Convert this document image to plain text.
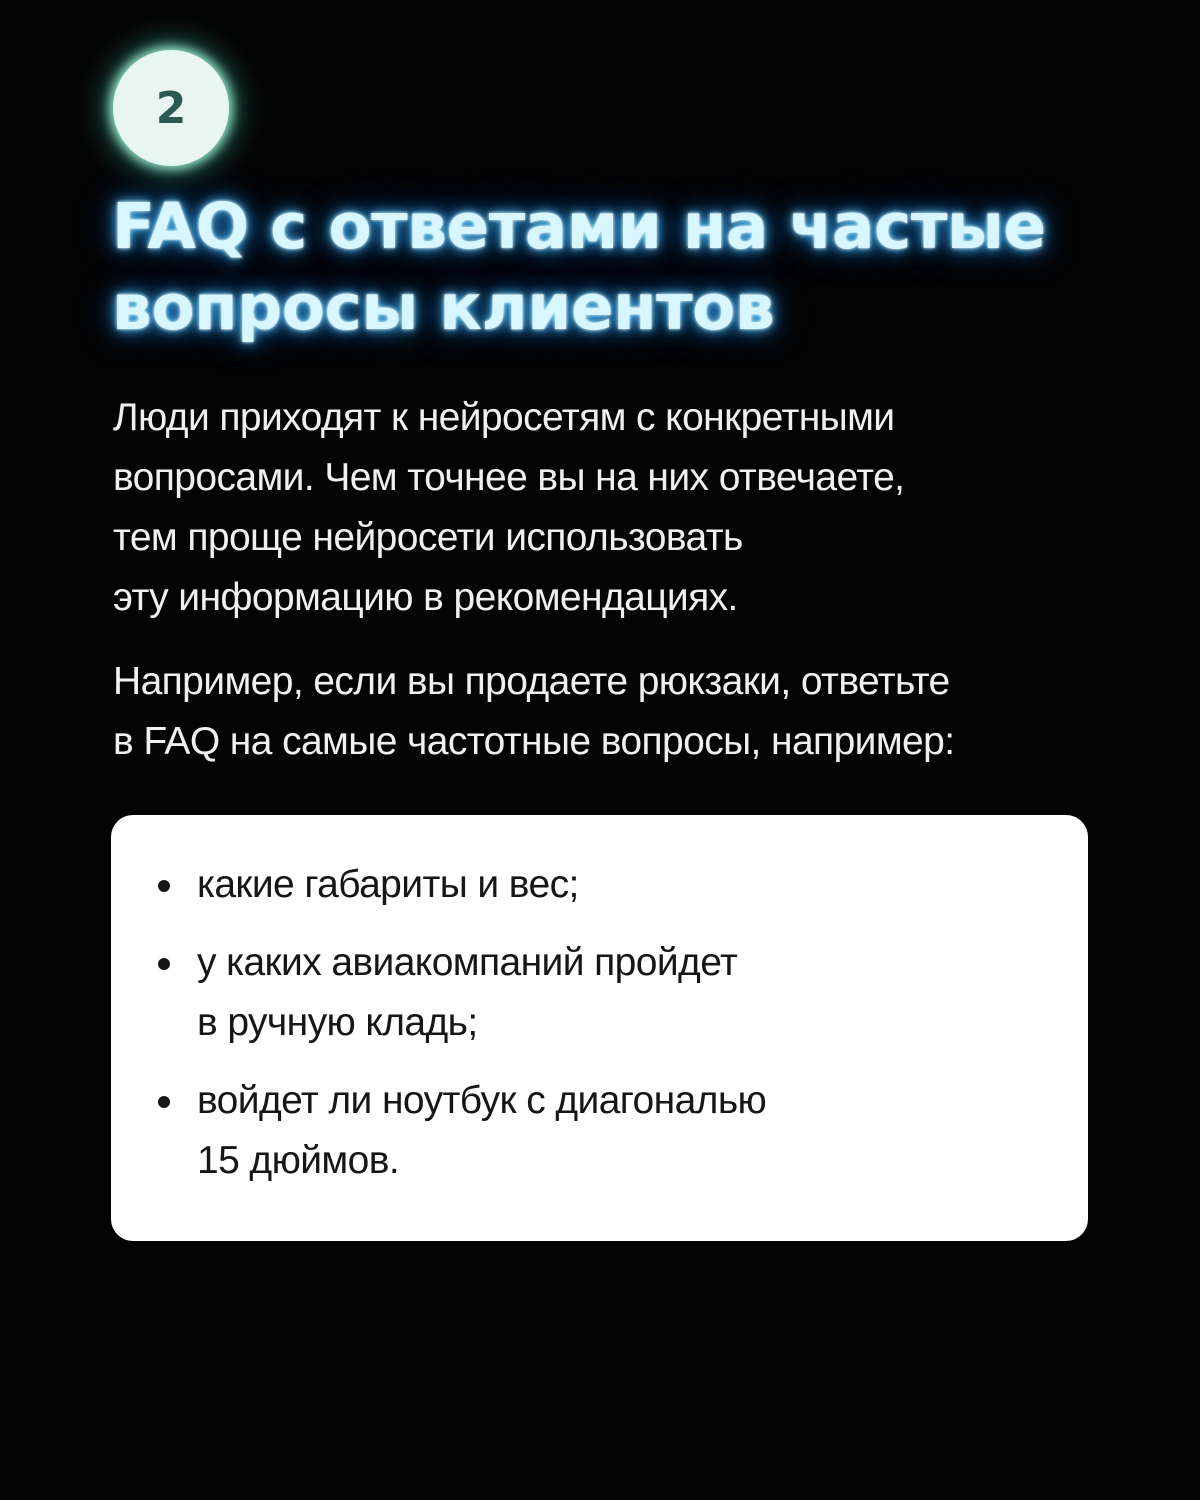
2
FAQ с ответами на частые
вопросы клиентов

Люди приходят к нейросетям с конкретными
вопросами. Чем точнее вы на них отвечаете,
тем проще нейросети использовать
эту информацию в рекомендациях.

Например, если вы продаете рюкзаки, ответьте
в FAQ на самые частотные вопросы, например:

какие габариты и вес;
у каких авиакомпаний пройдет
в ручную кладь;
войдет ли ноутбук с диагональю
15 дюймов.
